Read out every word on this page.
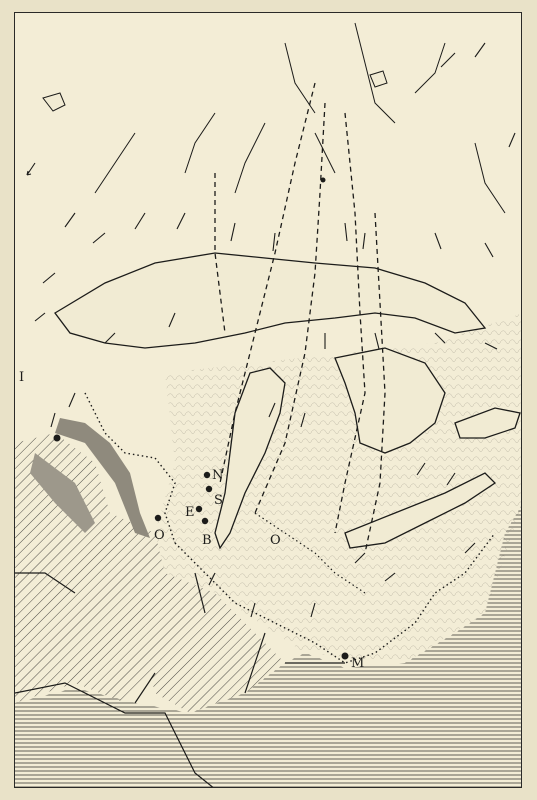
I
N
S
E
O	B	O
M
